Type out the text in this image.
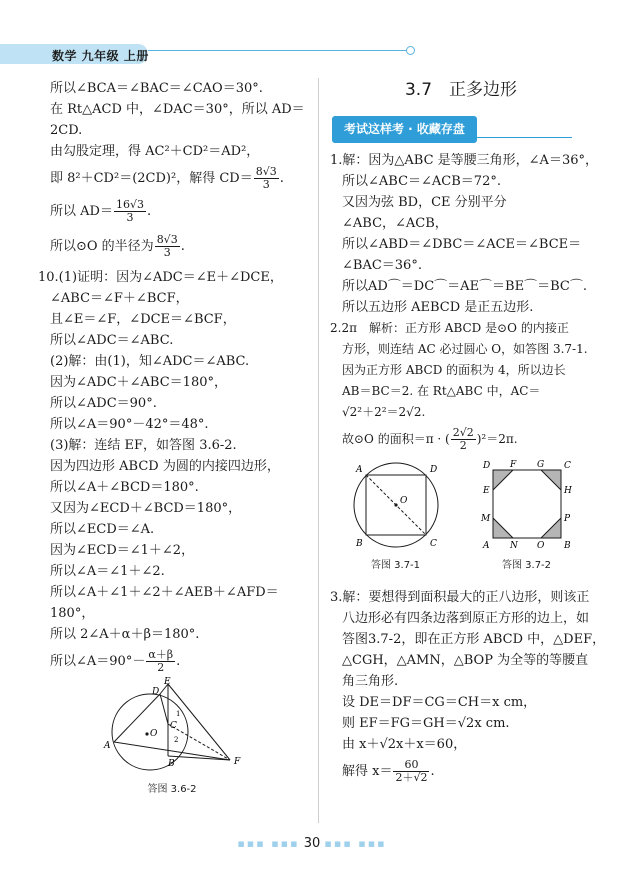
数学 九年级 上册
所以∠BCA＝∠BAC＝∠CAO＝30°.
在 Rt△ACD 中，∠DAC＝30°，所以 AD＝
2CD.
由勾股定理，得 AC²＋CD²＝AD²，
即 8²＋CD²＝(2CD)²，解得 $CD= \frac{8√3}{3}$ .
所以 $AD= \frac{16√3}{3}$ .
所以⊙O 的半径为 $\frac{8√3}{3}$ .
10.(1)证明：因为∠ADC＝∠E＋∠DCE，
∠ABC＝∠F＋∠BCF，
且∠E＝∠F，∠DCE＝∠BCF，
所以∠ADC＝∠ABC.
(2)解：由(1)，知∠ADC＝∠ABC.
因为∠ADC＋∠ABC＝180°，
所以∠ADC＝90°.
所以∠A＝90°－42°＝48°.
(3)解：连结 EF，如答图 3.6-2.
因为四边形 ABCD 为圆的内接四边形，
所以∠A＋∠BCD＝180°.
又因为∠ECD＋∠BCD＝180°，
所以∠ECD＝∠A.
因为∠ECD＝∠1＋∠2，
所以∠A＝∠1＋∠2.
所以∠A＋∠1＋∠2＋∠AEB＋∠AFD＝
180°，
所以 2∠A＋α＋β＝180°.
所以∠A＝90°－ $\frac{\alpha+\beta}{2}$ .
E
D
C
B
A
F
O
1
2
答图 3.6-2
3.7　正多边形
考试这样考 · 收藏存盘
1.解：因为△ABC 是等腰三角形，∠A＝36°，
所以∠ABC＝∠ACB＝72°.
又因为弦 BD，CE 分别平分
∠ABC，∠ACB，
所以∠ABD＝∠DBC＝∠ACE＝∠BCE＝
∠BAC＝36°.
所以AD⌒＝DC⌒＝AE⌒＝BE⌒＝BC⌒.
所以五边形 AEBCD 是正五边形.
2.2π　解析：正方形 ABCD 是⊙O 的内接正
方形，则连结 AC 必过圆心 O，如答图 3.7-1.
因为正方形 ABCD 的面积为 4，所以边长
AB＝BC＝2. 在 Rt△ABC 中，AC＝
√2²＋2²＝2√2.
故⊙O 的面积＝π · ( $\frac{2√2}{2} )^2=2\pi$.
A	D
B	C
O
答图 3.7-1
D F G C
E	H
M	P
A N O B
答图 3.7-2
3.解：要想得到面积最大的正八边形，则该正
八边形必有四条边落到原正方形的边上，如
答图3.7-2，即在正方形 ABCD 中，△DEF，
△CGH，△AMN，△BOP 为全等的等腰直
角三角形.
设 DE＝DF＝CG＝CH＝x cm，
则 EF＝FG＝GH＝√2x cm.
由 x＋√2x＋x＝60，
解得 $x= \frac{60}{2+√2}$ .
▪▪▪ ▪▪▪ 30 ▪▪▪ ▪▪▪
